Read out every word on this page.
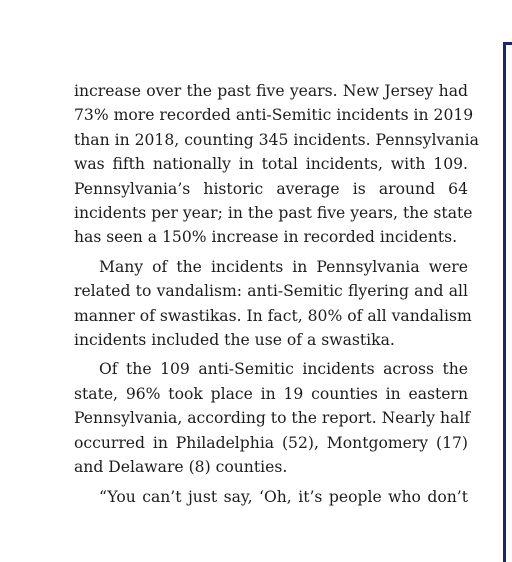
increase over the past five years. New Jersey had
73% more recorded anti-Semitic incidents in 2019
than in 2018, counting 345 incidents. Pennsylvania
was fifth nationally in total incidents, with 109.
Pennsylvania’s historic average is around 64
incidents per year; in the past five years, the state
has seen a 150% increase in recorded incidents.

Many of the incidents in Pennsylvania were
related to vandalism: anti-Semitic flyering and all
manner of swastikas. In fact, 80% of all vandalism
incidents included the use of a swastika.

Of the 109 anti-Semitic incidents across the
state, 96% took place in 19 counties in eastern
Pennsylvania, according to the report. Nearly half
occurred in Philadelphia (52), Montgomery (17)
and Delaware (8) counties.

“You can’t just say, ‘Oh, it’s people who don’t
